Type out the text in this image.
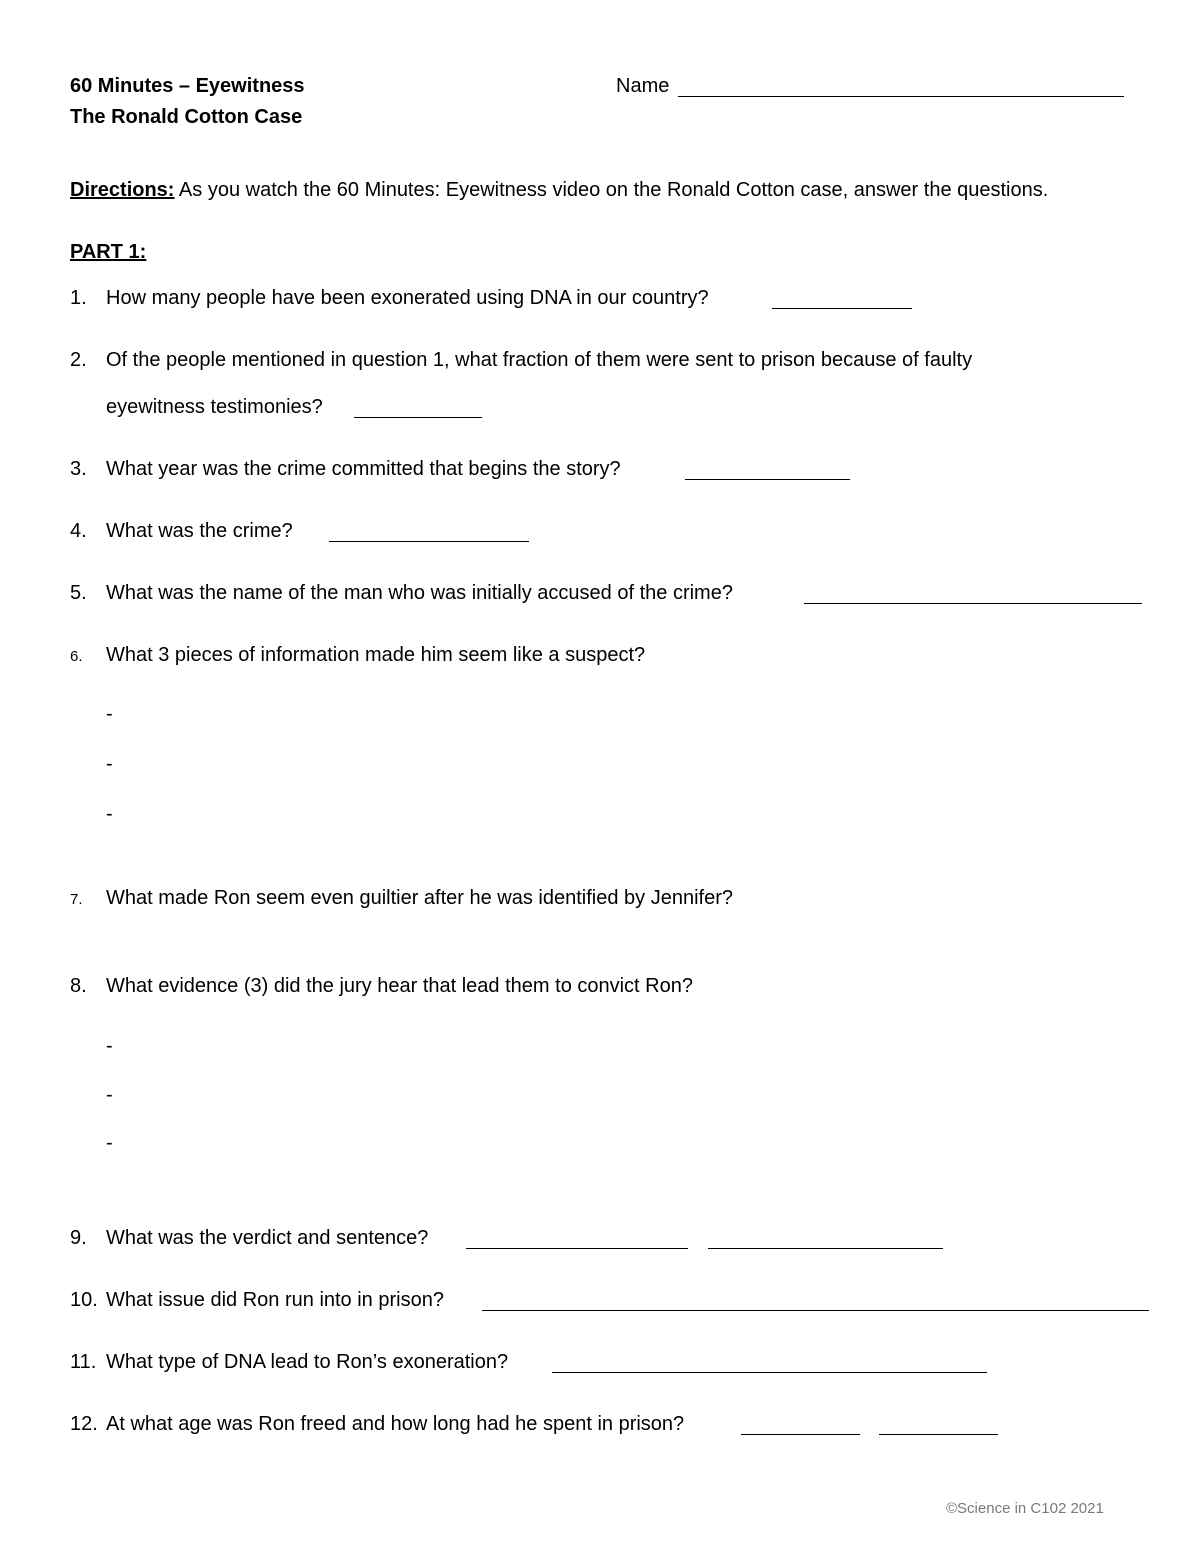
60 Minutes – Eyewitness
The Ronald Cotton Case
Name
Directions: As you watch the 60 Minutes: Eyewitness video on the Ronald Cotton case, answer the questions.
PART 1:
1. How many people have been exonerated using DNA in our country?
2. Of the people mentioned in question 1, what fraction of them were sent to prison because of faulty
eyewitness testimonies?
3. What year was the crime committed that begins the story?
4. What was the crime?
5. What was the name of the man who was initially accused of the crime?
6. What 3 pieces of information made him seem like a suspect?
-
-
-
7. What made Ron seem even guiltier after he was identified by Jennifer?
8. What evidence (3) did the jury hear that lead them to convict Ron?
-
-
-
9. What was the verdict and sentence?
10. What issue did Ron run into in prison?
11. What type of DNA lead to Ron’s exoneration?
12. At what age was Ron freed and how long had he spent in prison?
©Science in C102 2021
